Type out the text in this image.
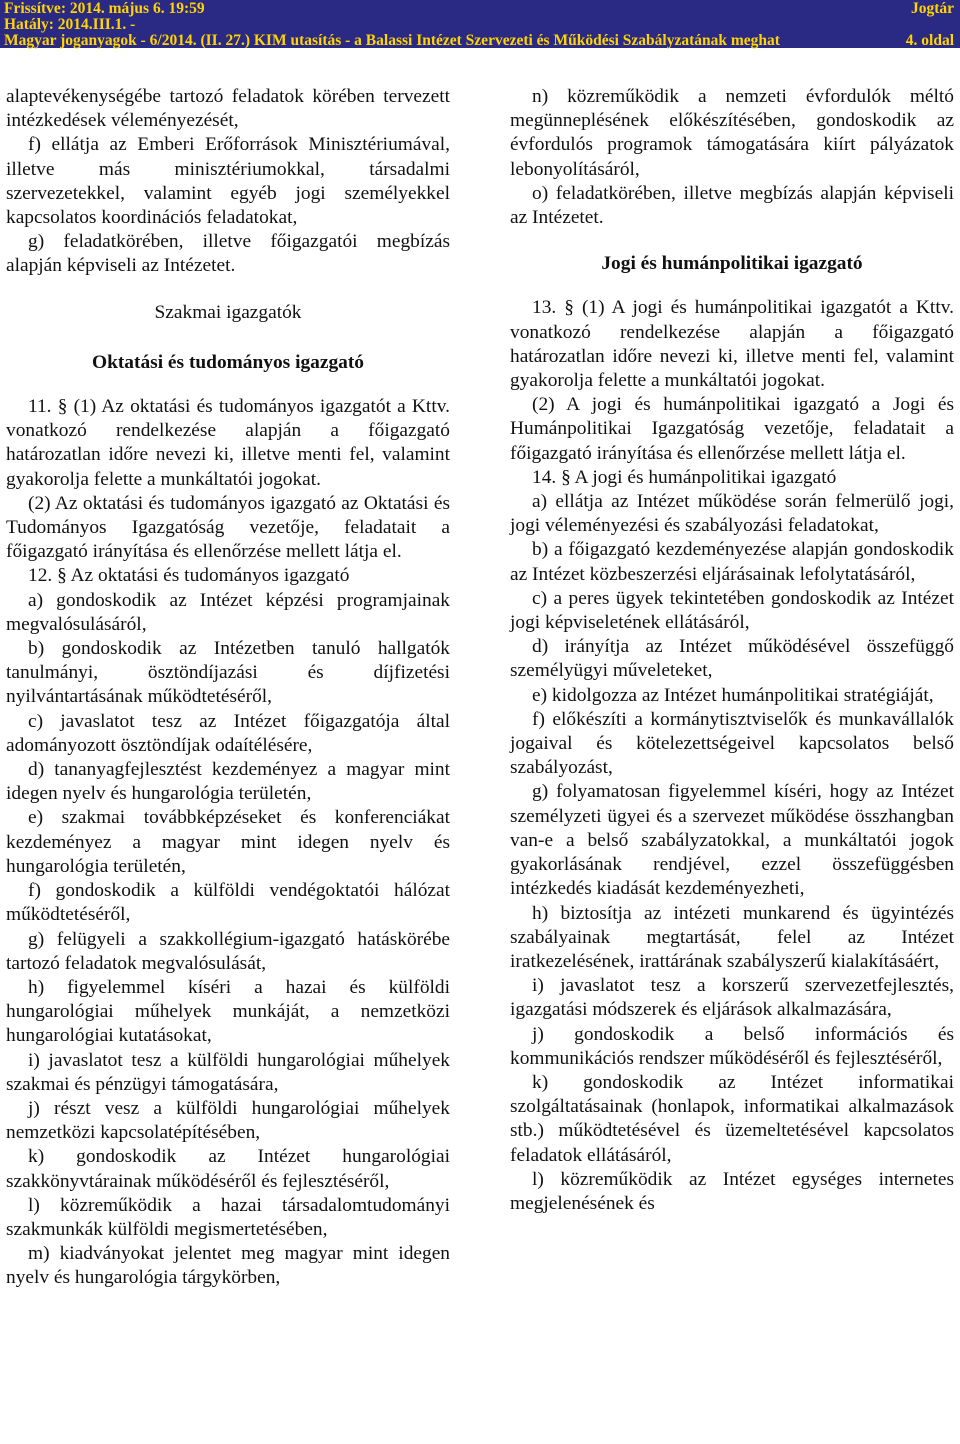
Frissítve: 2014. május 6. 19:59
Hatály: 2014.III.1. -
Magyar joganyagok - 6/2014. (II. 27.) KIM utasítás - a Balassi Intézet Szervezeti és Működési Szabályzatának meghat
Jogtár
4. oldal

alaptevékenységébe tartozó feladatok körében tervezett intézkedések véleményezését,

f) ellátja az Emberi Erőforrások Minisztériumával, illetve más minisztériumokkal, társadalmi szervezetekkel, valamint egyéb jogi személyekkel kapcsolatos koordinációs feladatokat,

g) feladatkörében, illetve főigazgatói megbízás alapján képviseli az Intézetet.

Szakmai igazgatók

Oktatási és tudományos igazgató

11. § (1) Az oktatási és tudományos igazgatót a Kttv. vonatkozó rendelkezése alapján a főigazgató határozatlan időre nevezi ki, illetve menti fel, valamint gyakorolja felette a munkáltatói jogokat.

(2) Az oktatási és tudományos igazgató az Oktatási és Tudományos Igazgatóság vezetője, feladatait a főigazgató irányítása és ellenőrzése mellett látja el.

12. § Az oktatási és tudományos igazgató

a) gondoskodik az Intézet képzési programjainak megvalósulásáról,

b) gondoskodik az Intézetben tanuló hallgatók tanulmányi, ösztöndíjazási és díjfizetési nyilvántartásának működtetéséről,

c) javaslatot tesz az Intézet főigazgatója által adományozott ösztöndíjak odaítélésére,

d) tananyagfejlesztést kezdeményez a magyar mint idegen nyelv és hungarológia területén,

e) szakmai továbbképzéseket és konferenciákat kezdeményez a magyar mint idegen nyelv és hungarológia területén,

f) gondoskodik a külföldi vendégoktatói hálózat működtetéséről,

g) felügyeli a szakkollégium-igazgató hatáskörébe tartozó feladatok megvalósulását,

h) figyelemmel kíséri a hazai és külföldi hungarológiai műhelyek munkáját, a nemzetközi hungarológiai kutatásokat,

i) javaslatot tesz a külföldi hungarológiai műhelyek szakmai és pénzügyi támogatására,

j) részt vesz a külföldi hungarológiai műhelyek nemzetközi kapcsolatépítésében,

k) gondoskodik az Intézet hungarológiai szakkönyvtárainak működéséről és fejlesztéséről,

l) közreműködik a hazai társadalomtudományi szakmunkák külföldi megismertetésében,

m) kiadványokat jelentet meg magyar mint idegen nyelv és hungarológia tárgykörben,

n) közreműködik a nemzeti évfordulók méltó megünneplésének előkészítésében, gondoskodik az évfordulós programok támogatására kiírt pályázatok lebonyolításáról,

o) feladatkörében, illetve megbízás alapján képviseli az Intézetet.

Jogi és humánpolitikai igazgató

13. § (1) A jogi és humánpolitikai igazgatót a Kttv. vonatkozó rendelkezése alapján a főigazgató határozatlan időre nevezi ki, illetve menti fel, valamint gyakorolja felette a munkáltatói jogokat.

(2) A jogi és humánpolitikai igazgató a Jogi és Humánpolitikai Igazgatóság vezetője, feladatait a főigazgató irányítása és ellenőrzése mellett látja el.

14. § A jogi és humánpolitikai igazgató

a) ellátja az Intézet működése során felmerülő jogi, jogi véleményezési és szabályozási feladatokat,

b) a főigazgató kezdeményezése alapján gondoskodik az Intézet közbeszerzési eljárásainak lefolytatásáról,

c) a peres ügyek tekintetében gondoskodik az Intézet jogi képviseletének ellátásáról,

d) irányítja az Intézet működésével összefüggő személyügyi műveleteket,

e) kidolgozza az Intézet humánpolitikai stratégiáját,

f) előkészíti a kormánytisztviselők és munkavállalók jogaival és kötelezettségeivel kapcsolatos belső szabályozást,

g) folyamatosan figyelemmel kíséri, hogy az Intézet személyzeti ügyei és a szervezet működése összhangban van-e a belső szabályzatokkal, a munkáltatói jogok gyakorlásának rendjével, ezzel összefüggésben intézkedés kiadását kezdeményezheti,

h) biztosítja az intézeti munkarend és ügyintézés szabályainak megtartását, felel az Intézet iratkezelésének, irattárának szabályszerű kialakításáért,

i) javaslatot tesz a korszerű szervezetfejlesztés, igazgatási módszerek és eljárások alkalmazására,

j) gondoskodik a belső információs és kommunikációs rendszer működéséről és fejlesztéséről,

k) gondoskodik az Intézet informatikai szolgáltatásainak (honlapok, informatikai alkalmazások stb.) működtetésével és üzemeltetésével kapcsolatos feladatok ellátásáról,

l) közreműködik az Intézet egységes internetes megjelenésének és
